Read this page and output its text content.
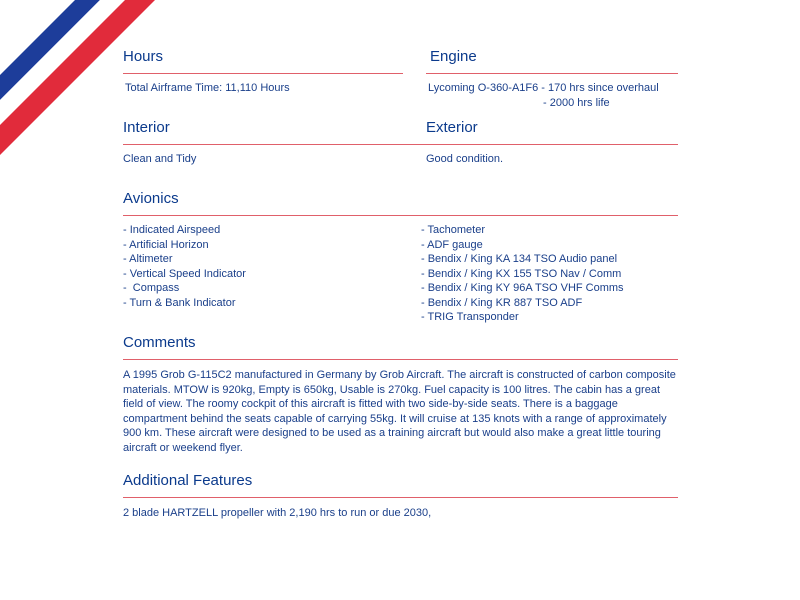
Hours

Total Airframe Time: 11,110 Hours

Engine

Lycoming O-360-A1F6 - 170 hrs since overhaul

- 2000 hrs life

Interior

Clean and Tidy

Exterior

Good condition.

Avionics
- Indicated Airspeed
- Artificial Horizon
- Altimeter
- Vertical Speed Indicator
-  Compass
- Turn & Bank Indicator
- Tachometer
- ADF gauge
- Bendix / King KA 134 TSO Audio panel
- Bendix / King KX 155 TSO Nav / Comm
- Bendix / King KY 96A TSO VHF Comms
- Bendix / King KR 887 TSO ADF
- TRIG Transponder
Comments

A 1995 Grob G-115C2 manufactured in Germany by Grob Aircraft. The aircraft is constructed of carbon composite materials. MTOW is 920kg, Empty is 650kg, Usable is 270kg. Fuel capacity is 100 litres. The cabin has a great field of view. The roomy cockpit of this aircraft is fitted with two side-by-side seats. There is a baggage compartment behind the seats capable of carrying 55kg. It will cruise at 135 knots with a range of approximately 900 km. These aircraft were designed to be used as a training aircraft but would also make a great little touring aircraft or weekend flyer.

Additional Features

2 blade HARTZELL propeller with 2,190 hrs to run or due 2030,
